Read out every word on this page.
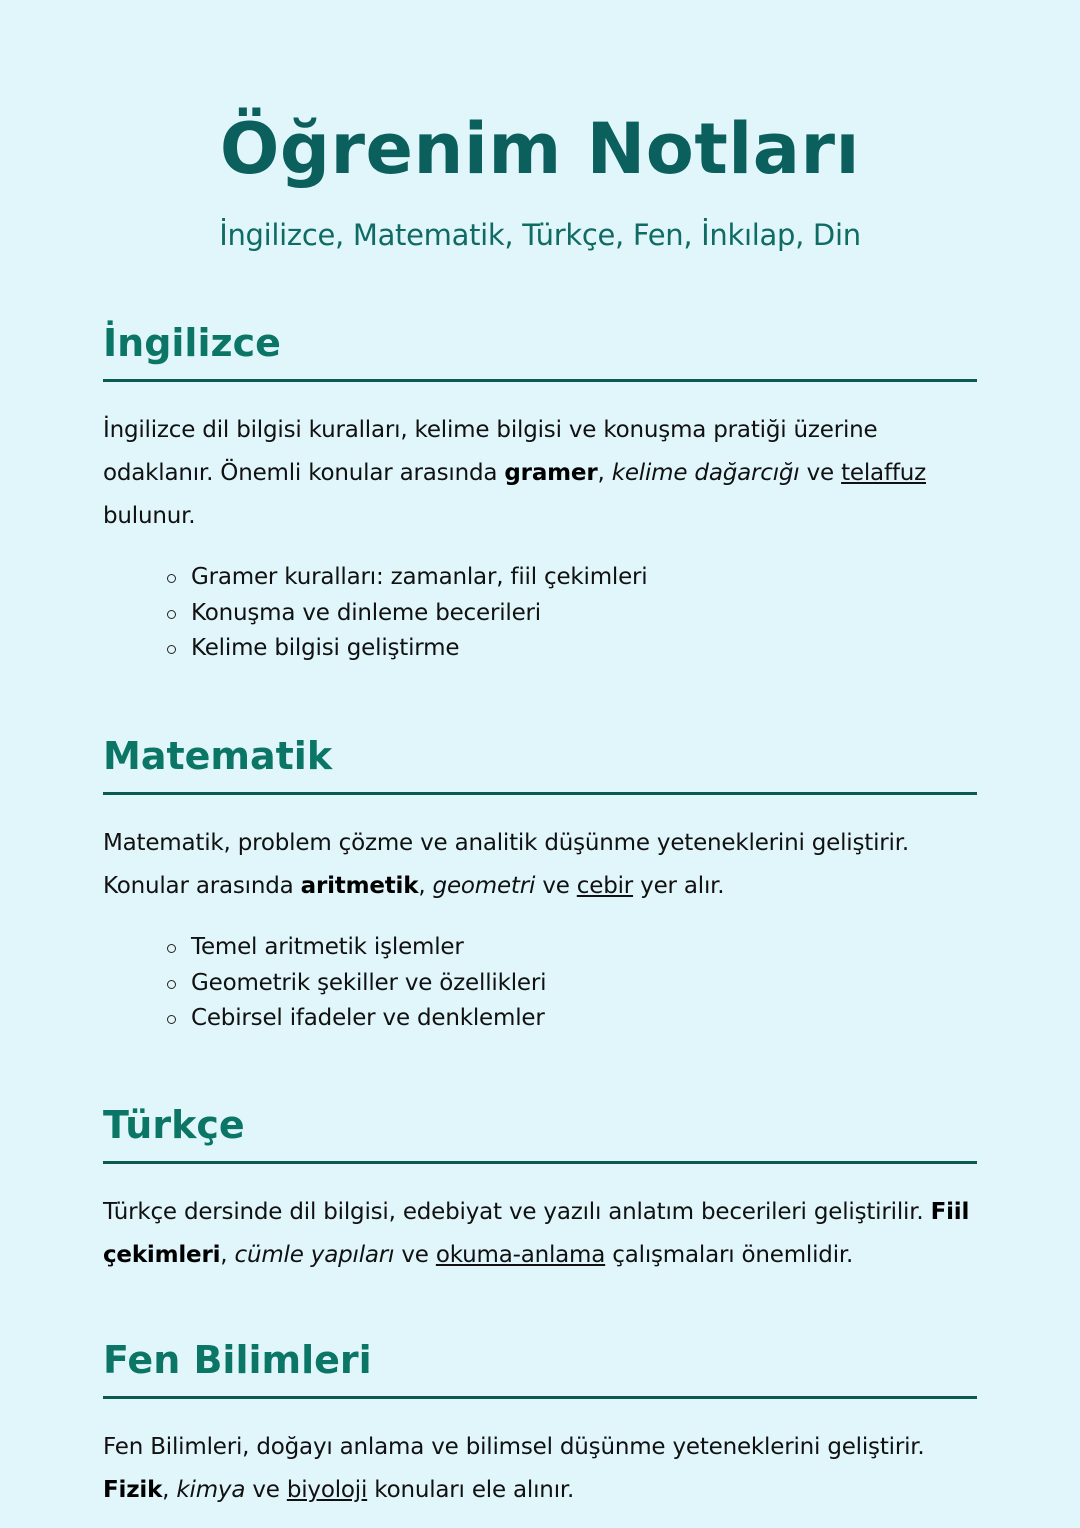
Öğrenim Notları

İngilizce, Matematik, Türkçe, Fen, İnkılap, Din

İngilizce

İngilizce dil bilgisi kuralları, kelime bilgisi ve konuşma pratiği üzerine odaklanır. Önemli konular arasında gramer, kelime dağarcığı ve telaffuz bulunur.

Gramer kuralları: zamanlar, fiil çekimleri
Konuşma ve dinleme becerileri
Kelime bilgisi geliştirme
Matematik

Matematik, problem çözme ve analitik düşünme yeteneklerini geliştirir. Konular arasında aritmetik, geometri ve cebir yer alır.

Temel aritmetik işlemler
Geometrik şekiller ve özellikleri
Cebirsel ifadeler ve denklemler
Türkçe

Türkçe dersinde dil bilgisi, edebiyat ve yazılı anlatım becerileri geliştirilir. Fiil çekimleri, cümle yapıları ve okuma-anlama çalışmaları önemlidir.

Fen Bilimleri

Fen Bilimleri, doğayı anlama ve bilimsel düşünme yeteneklerini geliştirir. Fizik, kimya ve biyoloji konuları ele alınır.
